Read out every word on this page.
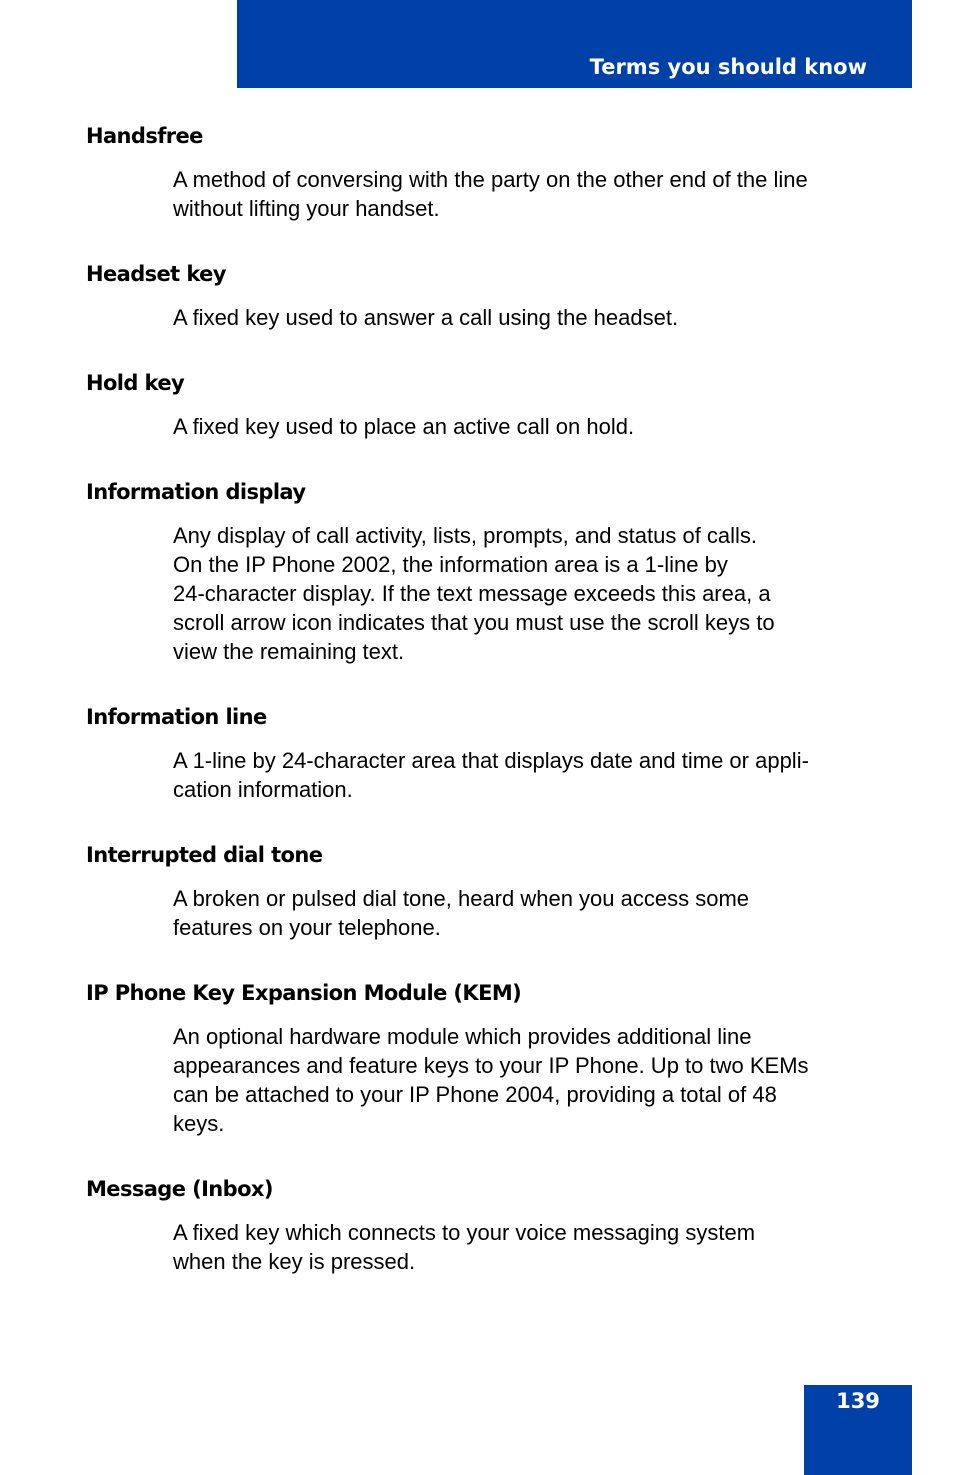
Terms you should know
Handsfree
A method of conversing with the party on the other end of the line
without lifting your handset.
Headset key
A fixed key used to answer a call using the headset.
Hold key
A fixed key used to place an active call on hold.
Information display
Any display of call activity, lists, prompts, and status of calls.
On the IP Phone 2002, the information area is a 1-line by
24-character display. If the text message exceeds this area, a
scroll arrow icon indicates that you must use the scroll keys to
view the remaining text.
Information line
A 1-line by 24-character area that displays date and time or appli-
cation information.
Interrupted dial tone
A broken or pulsed dial tone, heard when you access some
features on your telephone.
IP Phone Key Expansion Module (KEM)
An optional hardware module which provides additional line
appearances and feature keys to your IP Phone. Up to two KEMs
can be attached to your IP Phone 2004, providing a total of 48
keys.
Message (Inbox)
A fixed key which connects to your voice messaging system
when the key is pressed.
139
